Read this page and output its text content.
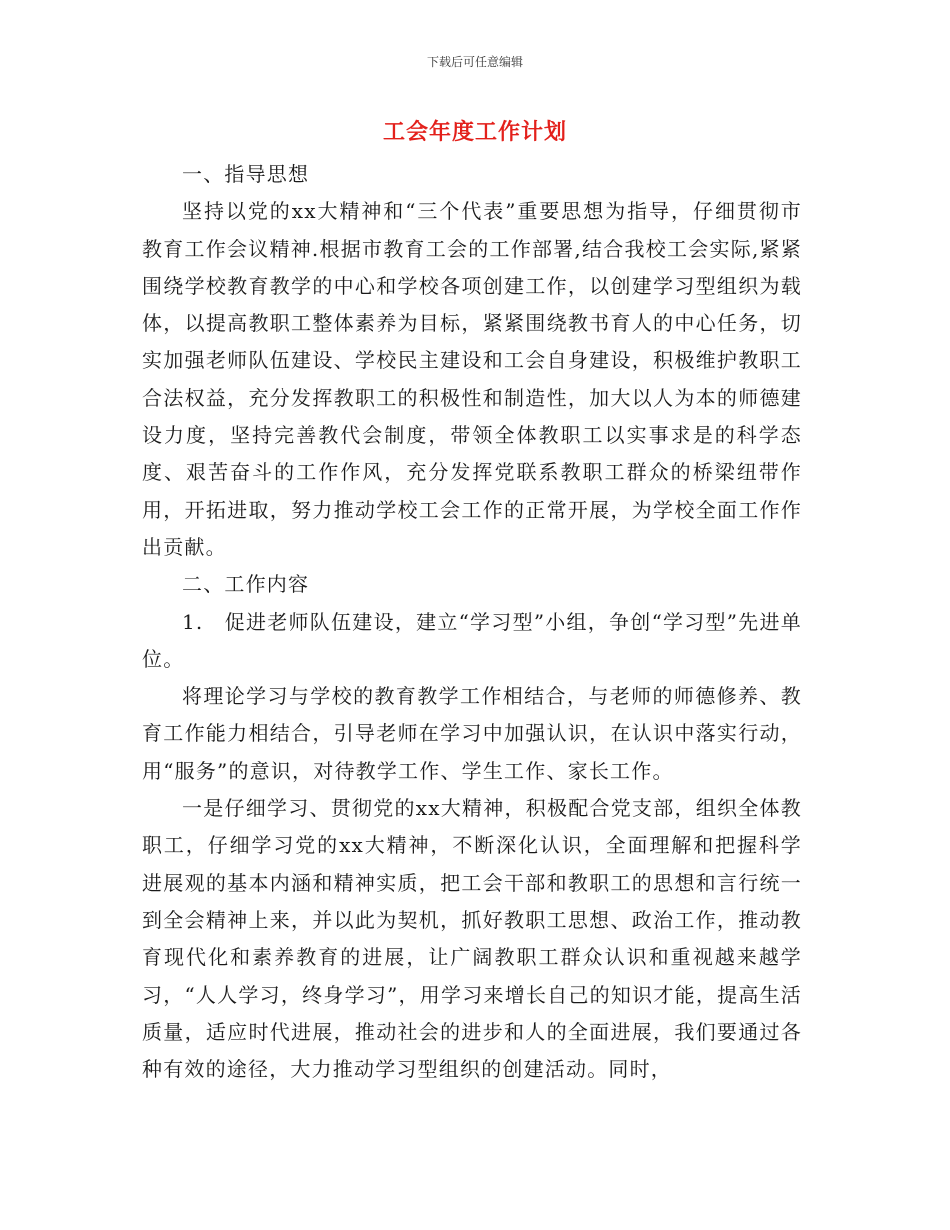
下载后可任意编辑
工会年度工作计划

一、指导思想

坚持以党的xx大精神和“三个代表”重要思想为指导，仔细贯彻市教育工作会议精神.根据市教育工会的工作部署,结合我校工会实际,紧紧围绕学校教育教学的中心和学校各项创建工作，以创建学习型组织为载体，以提高教职工整体素养为目标，紧紧围绕教书育人的中心任务，切实加强老师队伍建设、学校民主建设和工会自身建设，积极维护教职工合法权益，充分发挥教职工的积极性和制造性，加大以人为本的师德建设力度，坚持完善教代会制度，带领全体教职工以实事求是的科学态度、艰苦奋斗的工作作风，充分发挥党联系教职工群众的桥梁纽带作用，开拓进取，努力推动学校工会工作的正常开展，为学校全面工作作出贡献。

二、工作内容

1.　促进老师队伍建设，建立“学习型”小组，争创“学习型”先进单位。

将理论学习与学校的教育教学工作相结合，与老师的师德修养、教育工作能力相结合，引导老师在学习中加强认识，在认识中落实行动，用“服务”的意识，对待教学工作、学生工作、家长工作。

一是仔细学习、贯彻党的xx大精神，积极配合党支部，组织全体教职工，仔细学习党的xx大精神，不断深化认识，全面理解和把握科学进展观的基本内涵和精神实质，把工会干部和教职工的思想和言行统一到全会精神上来，并以此为契机，抓好教职工思想、政治工作，推动教育现代化和素养教育的进展，让广阔教职工群众认识和重视越来越学习，“人人学习，终身学习”，用学习来增长自己的知识才能，提高生活质量，适应时代进展，推动社会的进步和人的全面进展，我们要通过各种有效的途径，大力推动学习型组织的创建活动。同时，
